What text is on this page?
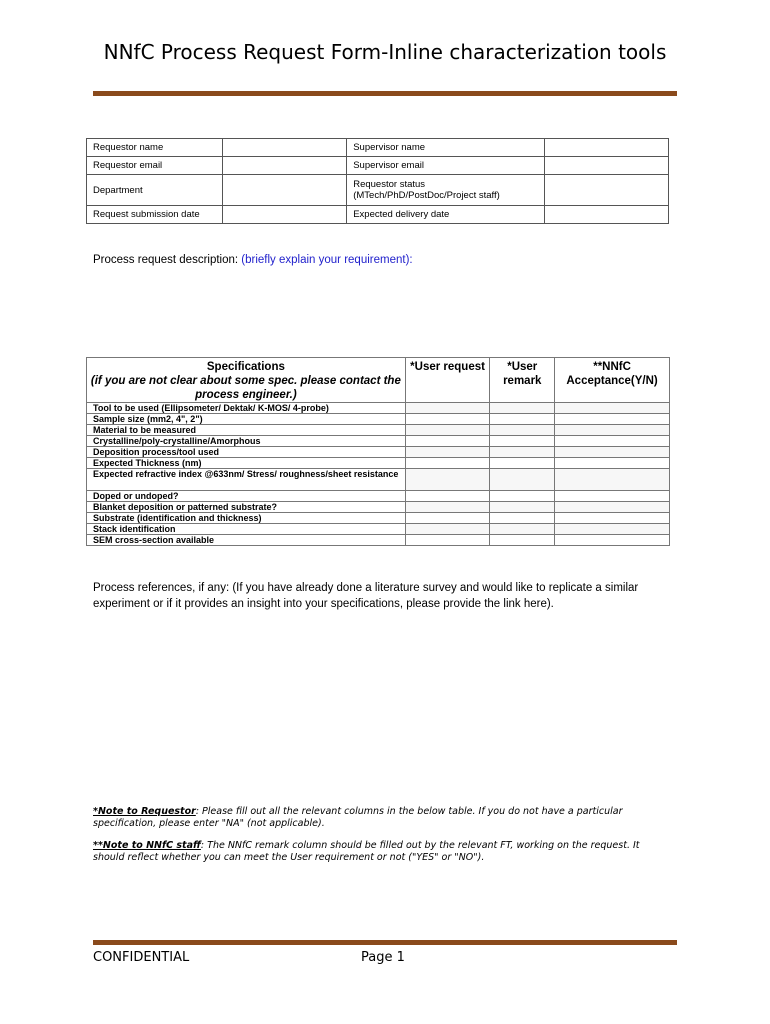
NNfC Process Request Form-Inline characterization tools
Requestor name		Supervisor name	
Requestor email		Supervisor email	
Department		Requestor status (MTech/PhD/PostDoc/Project staff)	
Request submission date		Expected delivery date	
Process request description: (briefly explain your requirement):
Specifications
(if you are not clear about some spec. please contact the process engineer.)	*User request	*User remark	**NNfC Acceptance(Y/N)
Tool to be used (Ellipsometer/ Dektak/ K-MOS/ 4-probe)			
Sample size (mm2, 4", 2")			
Material to be measured			
Crystalline/poly-crystalline/Amorphous			
Deposition process/tool used			
Expected Thickness (nm)			
Expected refractive index @633nm/ Stress/ roughness/sheet resistance			
Doped or undoped?			
Blanket deposition or patterned substrate?			
Substrate (identification and thickness)			
Stack identification			
SEM cross-section available			
Process references, if any: (If you have already done a literature survey and would like to replicate a similar experiment or if it provides an insight into your specifications, please provide the link here).
*Note to Requestor: Please fill out all the relevant columns in the below table. If you do not have a particular specification, please enter "NA" (not applicable).
**Note to NNfC staff: The NNfC remark column should be filled out by the relevant FT, working on the request. It should reflect whether you can meet the User requirement or not ("YES" or "NO").
CONFIDENTIAL	Page 1
